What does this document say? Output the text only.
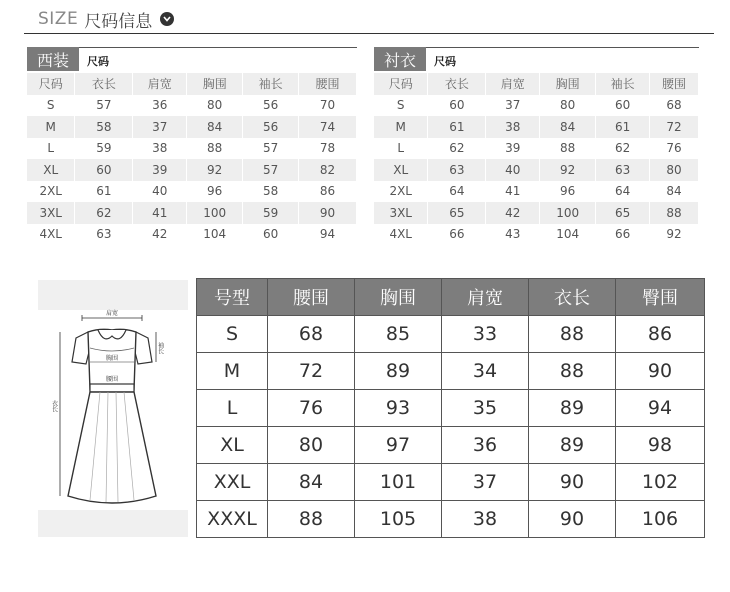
SIZE 尺码信息
西装	尺码
尺码	衣长	肩宽	胸围	袖长	腰围
S	57	36	80	56	70
M	58	37	84	56	74
L	59	38	88	57	78
XL	60	39	92	57	82
2XL	61	40	96	58	86
3XL	62	41	100	59	90
4XL	63	42	104	60	94
衬衣	尺码
尺码	衣长	肩宽	胸围	袖长	腰围
S	60	37	80	60	68
M	61	38	84	61	72
L	62	39	88	62	76
XL	63	40	92	63	80
2XL	64	41	96	64	84
3XL	65	42	100	65	88
4XL	66	43	104	66	92
肩宽
袖长
胸围
腰围
衣长
号型	腰围	胸围	肩宽	衣长	臀围
S	68	85	33	88	86
M	72	89	34	88	90
L	76	93	35	89	94
XL	80	97	36	89	98
XXL	84	101	37	90	102
XXXL	88	105	38	90	106
